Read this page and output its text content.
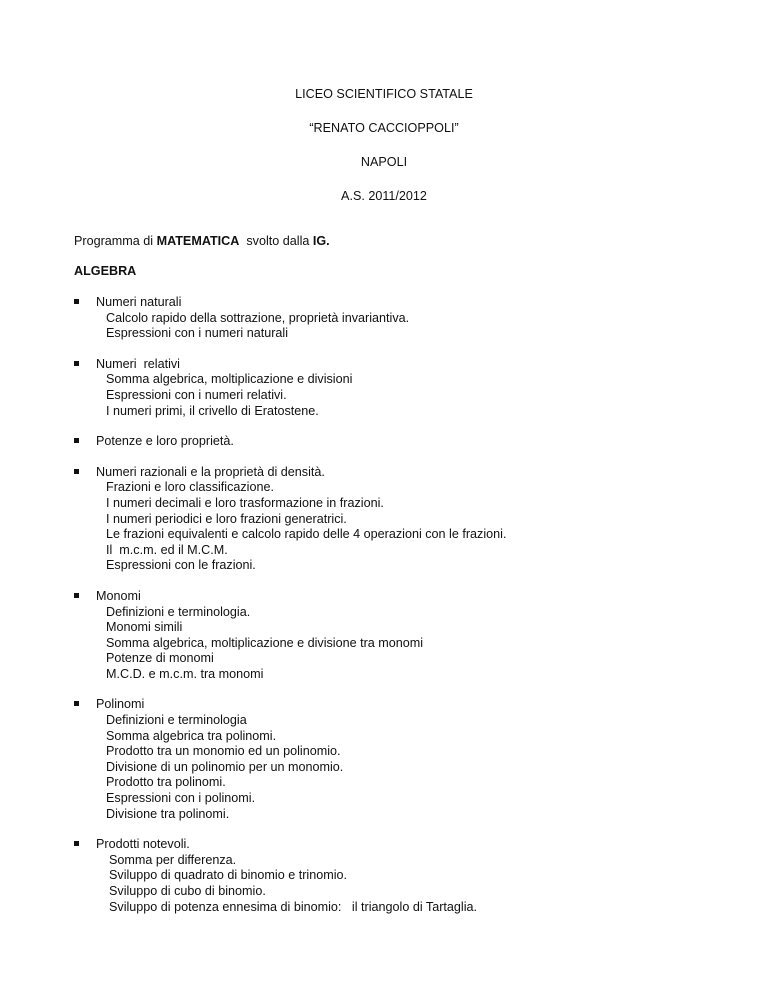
LICEO SCIENTIFICO STATALE
“RENATO CACCIOPPOLI”
NAPOLI
A.S. 2011/2012
Programma di MATEMATICA  svolto dalla IG.
ALGEBRA
Numeri naturali
Calcolo rapido della sottrazione, proprietà invariantiva.
Espressioni con i numeri naturali
Numeri  relativi
Somma algebrica, moltiplicazione e divisioni
Espressioni con i numeri relativi.
I numeri primi, il crivello di Eratostene.
Potenze e loro proprietà.
Numeri razionali e la proprietà di densità.
Frazioni e loro classificazione.
I numeri decimali e loro trasformazione in frazioni.
I numeri periodici e loro frazioni generatrici.
Le frazioni equivalenti e calcolo rapido delle 4 operazioni con le frazioni.
Il  m.c.m. ed il M.C.M.
Espressioni con le frazioni.
Monomi
Definizioni e terminologia.
Monomi simili
Somma algebrica, moltiplicazione e divisione tra monomi
Potenze di monomi
M.C.D. e m.c.m. tra monomi
Polinomi
Definizioni e terminologia
Somma algebrica tra polinomi.
Prodotto tra un monomio ed un polinomio.
Divisione di un polinomio per un monomio.
Prodotto tra polinomi.
Espressioni con i polinomi.
Divisione tra polinomi.
Prodotti notevoli.
Somma per differenza.
Sviluppo di quadrato di binomio e trinomio.
Sviluppo di cubo di binomio.
Sviluppo di potenza ennesima di binomio:   il triangolo di Tartaglia.
